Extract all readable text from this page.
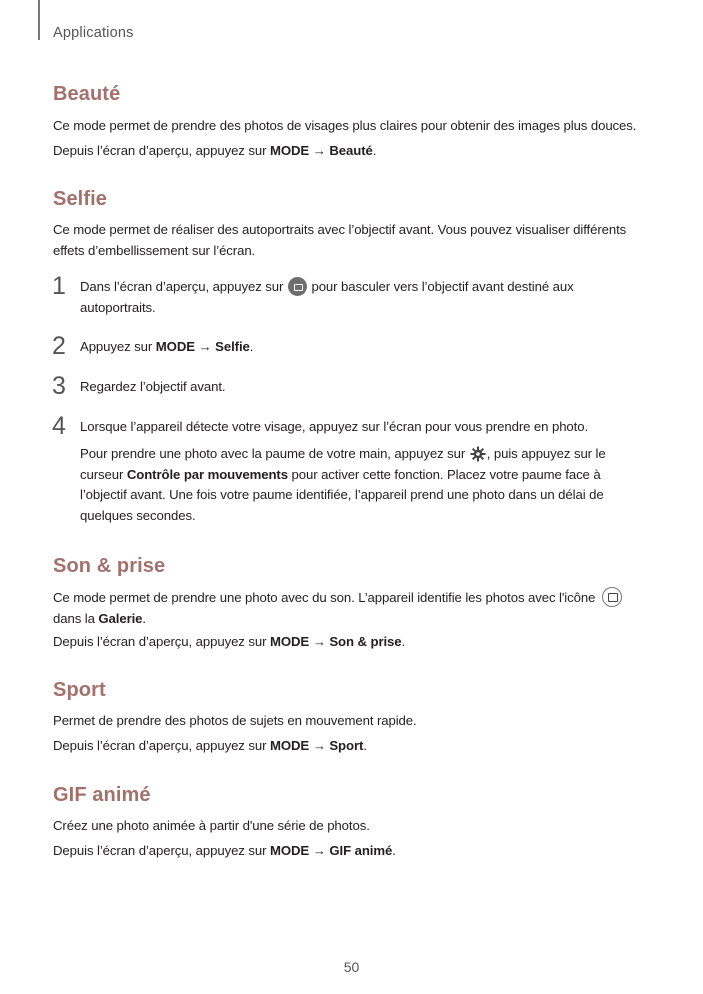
Applications
Beauté
Ce mode permet de prendre des photos de visages plus claires pour obtenir des images plus douces.
Depuis l’écran d’aperçu, appuyez sur MODE → Beauté.
Selfie
Ce mode permet de réaliser des autoportraits avec l’objectif avant. Vous pouvez visualiser différents effets d’embellissement sur l’écran.
1 Dans l’écran d’aperçu, appuyez sur  pour basculer vers l’objectif avant destiné aux autoportraits.
2 Appuyez sur MODE → Selfie.
3 Regardez l’objectif avant.
4 Lorsque l’appareil détecte votre visage, appuyez sur l’écran pour vous prendre en photo.
Pour prendre une photo avec la paume de votre main, appuyez sur , puis appuyez sur le curseur Contrôle par mouvements pour activer cette fonction. Placez votre paume face à l’objectif avant. Une fois votre paume identifiée, l’appareil prend une photo dans un délai de quelques secondes.
Son & prise
Ce mode permet de prendre une photo avec du son. L’appareil identifie les photos avec l'icône
dans la Galerie.
Depuis l’écran d’aperçu, appuyez sur MODE → Son & prise.
Sport
Permet de prendre des photos de sujets en mouvement rapide.
Depuis l’écran d’aperçu, appuyez sur MODE → Sport.
GIF animé
Créez une photo animée à partir d'une série de photos.
Depuis l’écran d’aperçu, appuyez sur MODE → GIF animé.
50
